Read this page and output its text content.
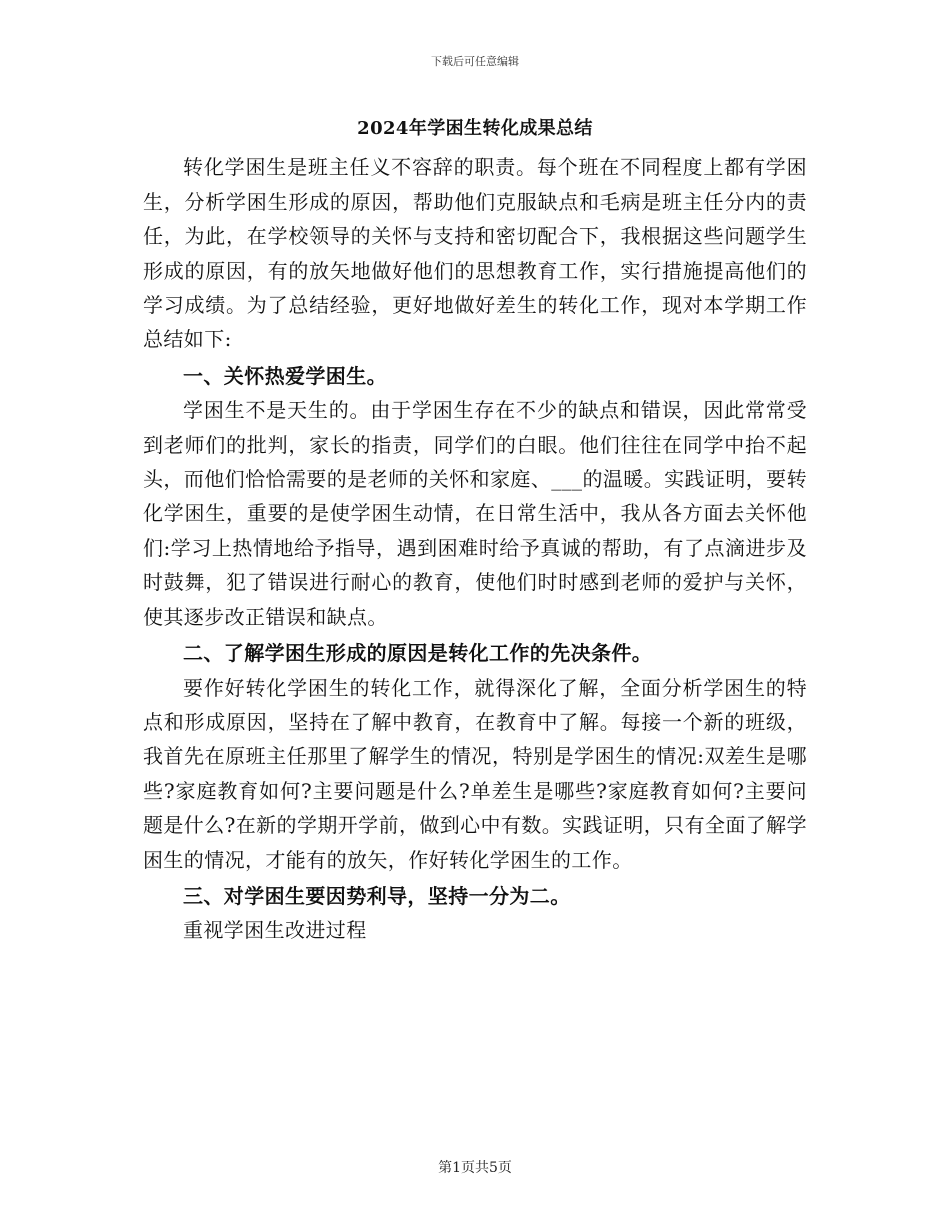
下载后可任意编辑
2024年学困生转化成果总结

转化学困生是班主任义不容辞的职责。每个班在不同程度上都有学困生，分析学困生形成的原因，帮助他们克服缺点和毛病是班主任分内的责任，为此，在学校领导的关怀与支持和密切配合下，我根据这些问题学生形成的原因，有的放矢地做好他们的思想教育工作，实行措施提高他们的学习成绩。为了总结经验，更好地做好差生的转化工作，现对本学期工作总结如下:

一、关怀热爱学困生。

学困生不是天生的。由于学困生存在不少的缺点和错误，因此常常受到老师们的批判，家长的指责，同学们的白眼。他们往往在同学中抬不起头，而他们恰恰需要的是老师的关怀和家庭、___的温暖。实践证明，要转化学困生，重要的是使学困生动情，在日常生活中，我从各方面去关怀他们:学习上热情地给予指导，遇到困难时给予真诚的帮助，有了点滴进步及时鼓舞，犯了错误进行耐心的教育，使他们时时感到老师的爱护与关怀，使其逐步改正错误和缺点。

二、了解学困生形成的原因是转化工作的先决条件。

要作好转化学困生的转化工作，就得深化了解，全面分析学困生的特点和形成原因，坚持在了解中教育，在教育中了解。每接一个新的班级，我首先在原班主任那里了解学生的情况，特别是学困生的情况:双差生是哪些?家庭教育如何?主要问题是什么?单差生是哪些?家庭教育如何?主要问题是什么?在新的学期开学前，做到心中有数。实践证明，只有全面了解学困生的情况，才能有的放矢，作好转化学困生的工作。

三、对学困生要因势利导，坚持一分为二。

重视学困生改进过程

第1页共5页
